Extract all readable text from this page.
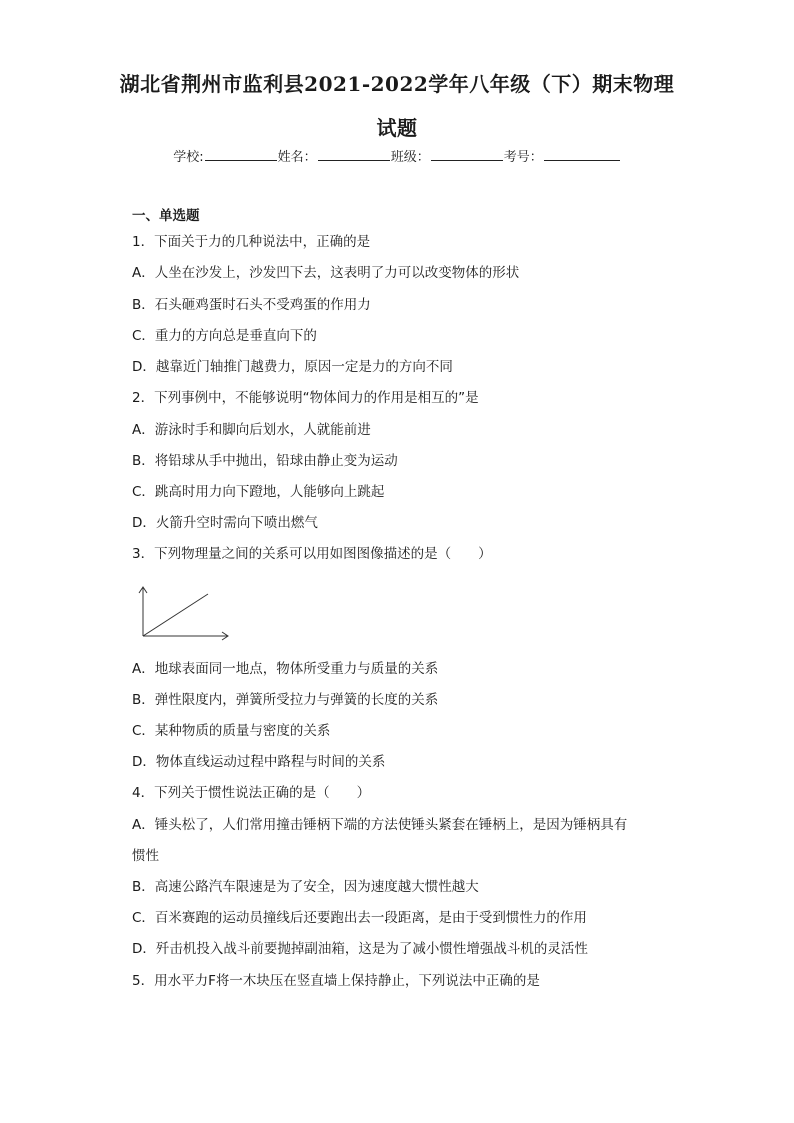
湖北省荆州市监利县2021-2022学年八年级（下）期末物理
试题
学校:	姓名：	班级：	考号：
一、单选题
1．下面关于力的几种说法中，正确的是
A．人坐在沙发上，沙发凹下去，这表明了力可以改变物体的形状
B．石头砸鸡蛋时石头不受鸡蛋的作用力
C．重力的方向总是垂直向下的
D．越靠近门轴推门越费力，原因一定是力的方向不同
2．下列事例中，不能够说明“物体间力的作用是相互的”是
A．游泳时手和脚向后划水，人就能前进
B．将铅球从手中抛出，铅球由静止变为运动
C．跳高时用力向下蹬地，人能够向上跳起
D．火箭升空时需向下喷出燃气
3．下列物理量之间的关系可以用如图图像描述的是（　　）
A．地球表面同一地点，物体所受重力与质量的关系
B．弹性限度内，弹簧所受拉力与弹簧的长度的关系
C．某种物质的质量与密度的关系
D．物体直线运动过程中路程与时间的关系
4．下列关于惯性说法正确的是（　　）
A．锤头松了，人们常用撞击锤柄下端的方法使锤头紧套在锤柄上，是因为锤柄具有
惯性
B．高速公路汽车限速是为了安全，因为速度越大惯性越大
C．百米赛跑的运动员撞线后还要跑出去一段距离，是由于受到惯性力的作用
D．歼击机投入战斗前要抛掉副油箱，这是为了减小惯性增强战斗机的灵活性
5．用水平力F将一木块压在竖直墙上保持静止，下列说法中正确的是
